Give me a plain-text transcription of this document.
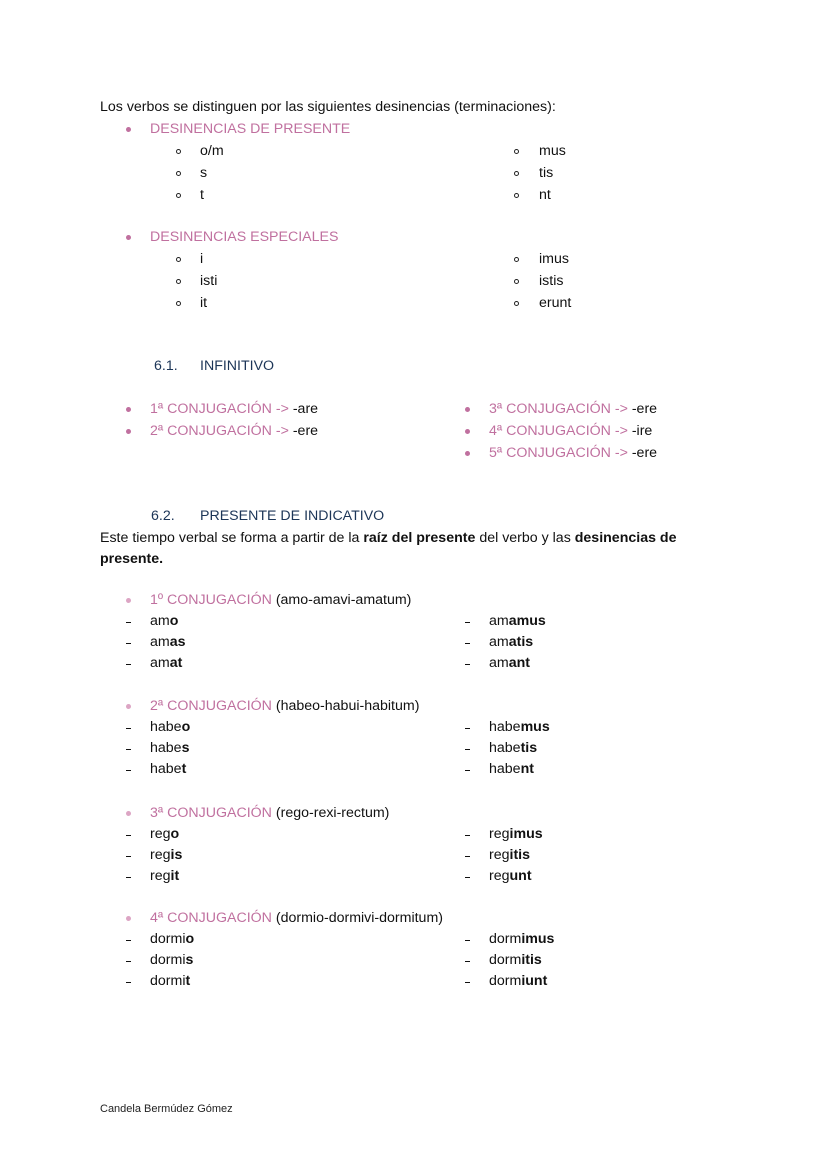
Los verbos se distinguen por las siguientes desinencias (terminaciones):
DESINENCIAS DE PRESENTE
o/m
s
t
mus
tis
nt
DESINENCIAS ESPECIALES
i
isti
it
imus
istis
erunt
6.1. INFINITIVO
1ª CONJUGACIÓN -> -are
2ª CONJUGACIÓN -> -ere
3ª CONJUGACIÓN -> -ere
4ª CONJUGACIÓN -> -ire
5ª CONJUGACIÓN -> -ere
6.2. PRESENTE DE INDICATIVO
Este tiempo verbal se forma a partir de la raíz del presente del verbo y las desinencias de
presente.
1º CONJUGACIÓN (amo-amavi-amatum)
amo
amas
amat
amamus
amatis
amant
2ª CONJUGACIÓN (habeo-habui-habitum)
habeo
habes
habet
habemus
habetis
habent
3ª CONJUGACIÓN (rego-rexi-rectum)
rego
regis
regit
regimus
regitis
regunt
4ª CONJUGACIÓN (dormio-dormivi-dormitum)
dormio
dormis
dormit
dormimus
dormitis
dormiunt
Candela Bermúdez Gómez
